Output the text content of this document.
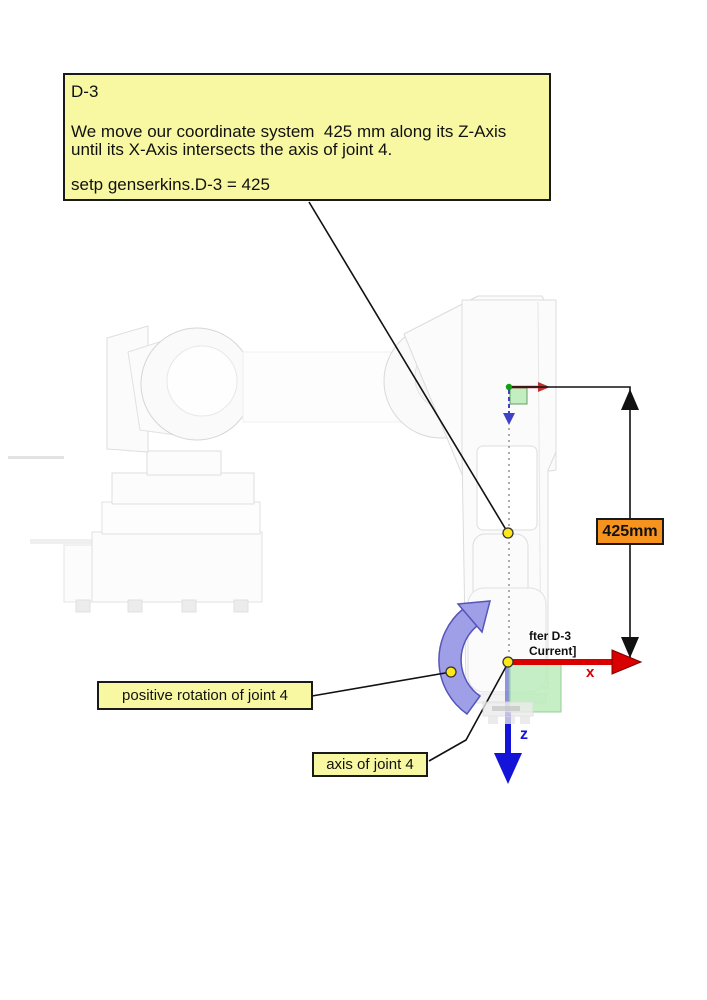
D-3
We move our coordinate system  425 mm along its Z-Axis
until its X-Axis intersects the axis of joint 4.
setp genserkins.D-3 = 425
425mm
positive rotation of joint 4
axis of joint 4
fter D-3
Current]
x
z
